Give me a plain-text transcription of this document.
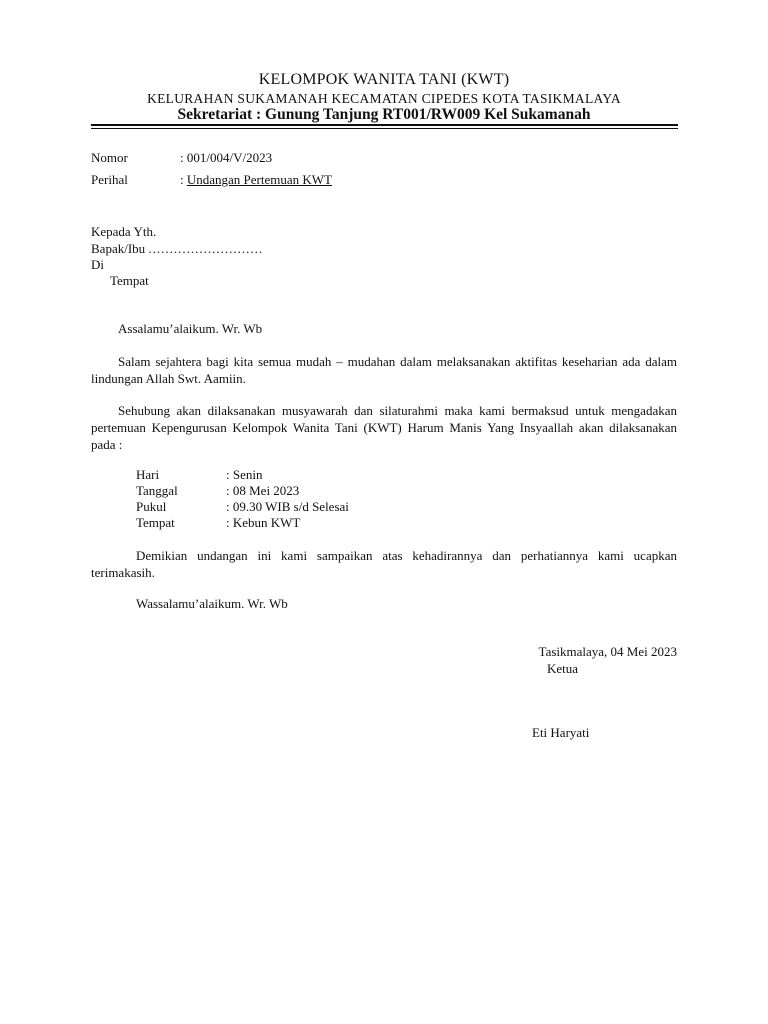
KELOMPOK WANITA TANI (KWT)
KELURAHAN SUKAMANAH KECAMATAN CIPEDES KOTA TASIKMALAYA
Sekretariat : Gunung Tanjung RT001/RW009 Kel Sukamanah
Nomor	: 001/004/V/2023
Perihal	: Undangan Pertemuan KWT
Kepada Yth.
Bapak/Ibu ...........................
Di
Tempat
Assalamu’alaikum. Wr. Wb
Salam sejahtera bagi kita semua mudah – mudahan dalam melaksanakan aktifitas keseharian ada dalam lindungan Allah Swt. Aamiin.
Sehubung akan dilaksanakan musyawarah dan silaturahmi maka kami bermaksud untuk mengadakan pertemuan Kepengurusan Kelompok Wanita Tani (KWT) Harum Manis Yang Insyaallah akan dilaksanakan pada :
Hari	: Senin
Tanggal	: 08 Mei 2023
Pukul	: 09.30 WIB s/d Selesai
Tempat	: Kebun KWT
Demikian undangan ini kami sampaikan atas kehadirannya dan perhatiannya kami ucapkan terimakasih.
Wassalamu’alaikum. Wr. Wb
Tasikmalaya, 04 Mei 2023
Ketua
Eti Haryati
